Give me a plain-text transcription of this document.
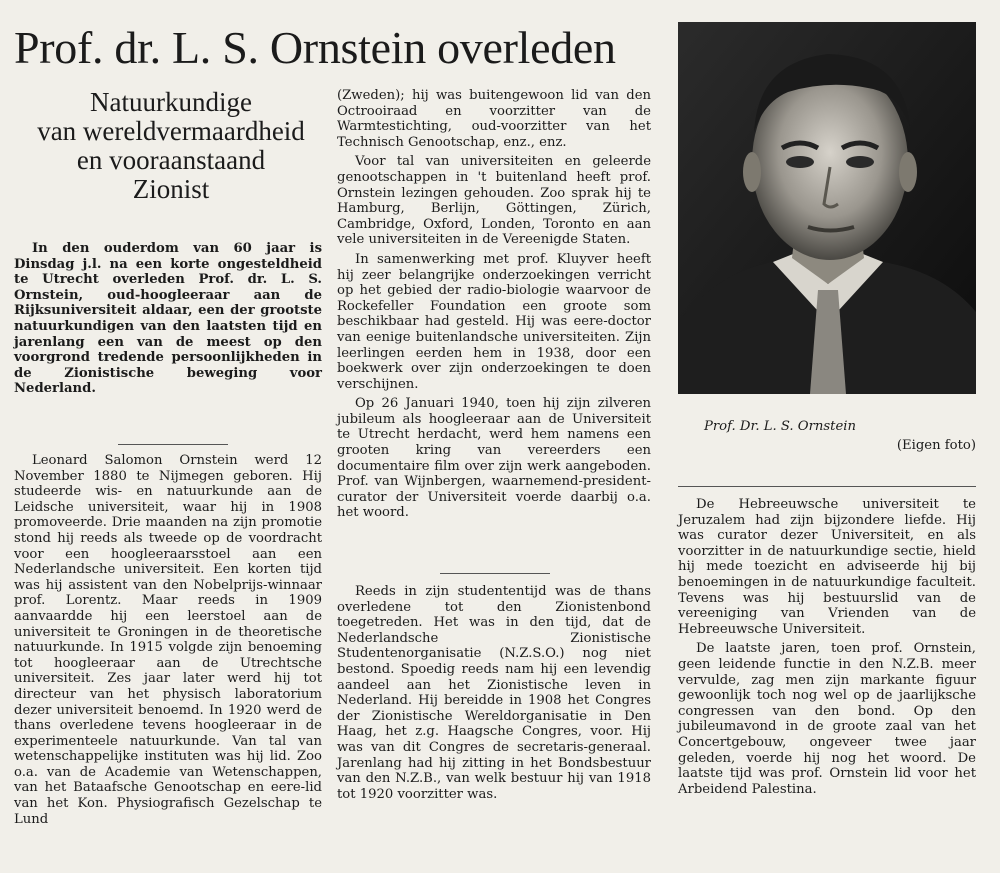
Prof. dr. L. S. Ornstein overleden
Natuurkundige
van wereldvermaardheid
en vooraanstaand
Zionist

In den ouderdom van 60 jaar is Dinsdag j.l. na een korte ongesteldheid te Utrecht overleden Prof. dr. L. S. Ornstein, oud-hoogleeraar aan de Rijksuniversiteit aldaar, een der grootste natuurkundigen van den laatsten tijd en jarenlang een van de meest op den voorgrond tredende persoonlijkheden in de Zionistische beweging voor Nederland.

Leonard Salomon Ornstein werd 12 November 1880 te Nijmegen geboren. Hij studeerde wis- en natuurkunde aan de Leidsche universiteit, waar hij in 1908 promoveerde. Drie maanden na zijn promotie stond hij reeds als tweede op de voordracht voor een hoogleeraarsstoel aan een Nederlandsche universiteit. Een korten tijd was hij assistent van den Nobelprijs-winnaar prof. Lorentz. Maar reeds in 1909 aanvaardde hij een leerstoel aan de universiteit te Groningen in de theoretische natuurkunde. In 1915 volgde zijn benoeming tot hoogleeraar aan de Utrechtsche universiteit. Zes jaar later werd hij tot directeur van het physisch laboratorium dezer universiteit benoemd. In 1920 werd de thans overledene tevens hoogleeraar in de experimenteele natuurkunde. Van tal van wetenschappelijke instituten was hij lid. Zoo o.a. van de Academie van Wetenschappen, van het Bataafsche Genootschap en eere-lid van het Kon. Physiografisch Gezelschap te Lund

(Zweden); hij was buitengewoon lid van den Octrooiraad en voorzitter van de Warmtestichting, oud-voorzitter van het Technisch Genootschap, enz., enz.

Voor tal van universiteiten en geleerde genootschappen in 't buitenland heeft prof. Ornstein lezingen gehouden. Zoo sprak hij te Hamburg, Berlijn, Göttingen, Zürich, Cambridge, Oxford, Londen, Toronto en aan vele universiteiten in de Vereenigde Staten.

In samenwerking met prof. Kluyver heeft hij zeer belangrijke onderzoekingen verricht op het gebied der radio-biologie waarvoor de Rockefeller Foundation een groote som beschikbaar had gesteld. Hij was eere-doctor van eenige buitenlandsche universiteiten. Zijn leerlingen eerden hem in 1938, door een boekwerk over zijn onderzoekingen te doen verschijnen.

Op 26 Januari 1940, toen hij zijn zilveren jubileum als hoogleeraar aan de Universiteit te Utrecht herdacht, werd hem namens een grooten kring van vereerders een documentaire film over zijn werk aangeboden. Prof. van Wijnbergen, waarnemend-president-curator der Universiteit voerde daarbij o.a. het woord.

Reeds in zijn studententijd was de thans overledene tot den Zionistenbond toegetreden. Het was in den tijd, dat de Nederlandsche Zionistische Studentenorganisatie (N.Z.S.O.) nog niet bestond. Spoedig reeds nam hij een levendig aandeel aan het Zionistische leven in Nederland. Hij bereidde in 1908 het Congres der Zionistische Wereldorganisatie in Den Haag, het z.g. Haagsche Congres, voor. Hij was van dit Congres de secretaris-generaal. Jarenlang had hij zitting in het Bondsbestuur van den N.Z.B., van welk bestuur hij van 1918 tot 1920 voorzitter was.

Prof. Dr. L. S. Ornstein
(Eigen foto)

De Hebreeuwsche universiteit te Jeruzalem had zijn bijzondere liefde. Hij was curator dezer Universiteit, en als voorzitter in de natuurkundige sectie, hield hij mede toezicht en adviseerde hij bij benoemingen in de natuurkundige faculteit. Tevens was hij bestuurslid van de vereeniging van Vrienden van de Hebreeuwsche Universiteit.

De laatste jaren, toen prof. Ornstein, geen leidende functie in den N.Z.B. meer vervulde, zag men zijn markante figuur gewoonlijk toch nog wel op de jaarlijksche congressen van den bond. Op den jubileumavond in de groote zaal van het Concertgebouw, ongeveer twee jaar geleden, voerde hij nog het woord. De laatste tijd was prof. Ornstein lid voor het Arbeidend Palestina.
